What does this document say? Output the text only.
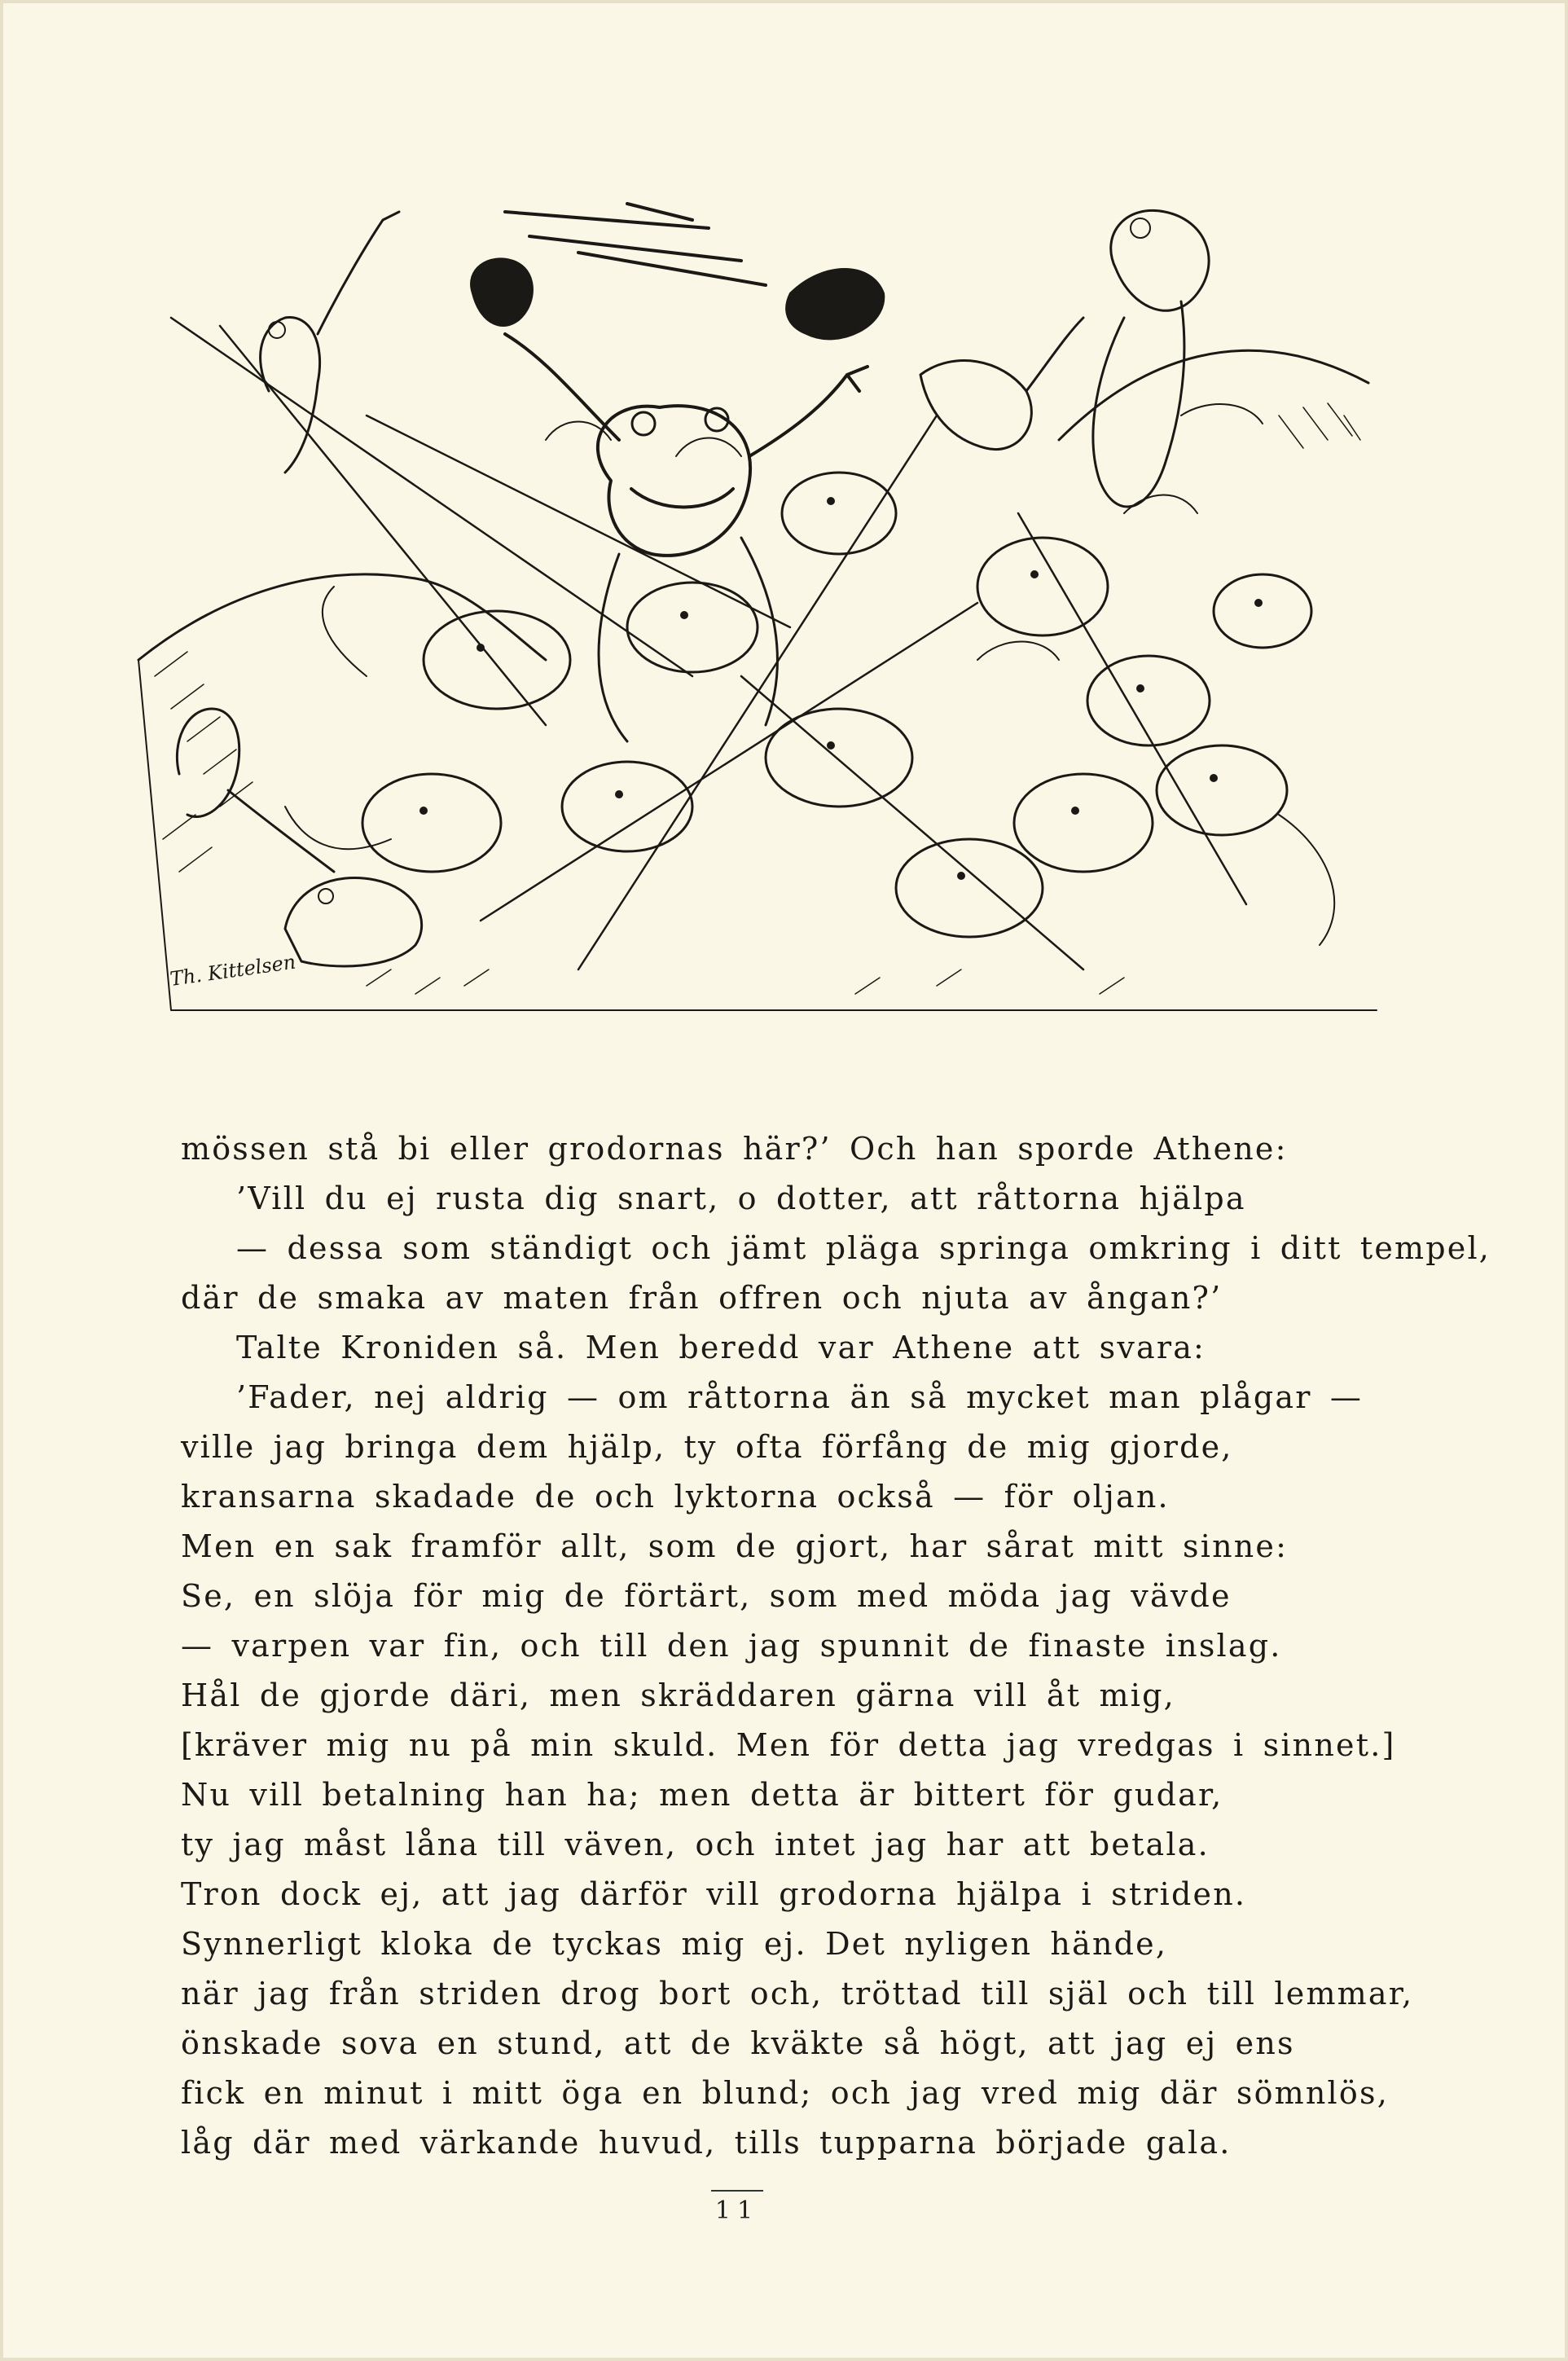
Th. Kittelsen
mössen stå bi eller grodornas här?’ Och han sporde Athene:
’Vill du ej rusta dig snart, o dotter, att råttorna hjälpa
— dessa som ständigt och jämt pläga springa omkring i ditt tempel,
där de smaka av maten från offren och njuta av ångan?’
Talte Kroniden så. Men beredd var Athene att svara:
’Fader, nej aldrig — om råttorna än så mycket man plågar —
ville jag bringa dem hjälp, ty ofta förfång de mig gjorde,
kransarna skadade de och lyktorna också — för oljan.
Men en sak framför allt, som de gjort, har sårat mitt sinne:
Se, en slöja för mig de förtärt, som med möda jag vävde
— varpen var fin, och till den jag spunnit de finaste inslag.
Hål de gjorde däri, men skräddaren gärna vill åt mig,
[kräver mig nu på min skuld. Men för detta jag vredgas i sinnet.]
Nu vill betalning han ha; men detta är bittert för gudar,
ty jag måst låna till väven, och intet jag har att betala.
Tron dock ej, att jag därför vill grodorna hjälpa i striden.
Synnerligt kloka de tyckas mig ej. Det nyligen hände,
när jag från striden drog bort och, tröttad till själ och till lemmar,
önskade sova en stund, att de kväkte så högt, att jag ej ens
fick en minut i mitt öga en blund; och jag vred mig där sömnlös,
låg där med värkande huvud, tills tupparna började gala.
11
